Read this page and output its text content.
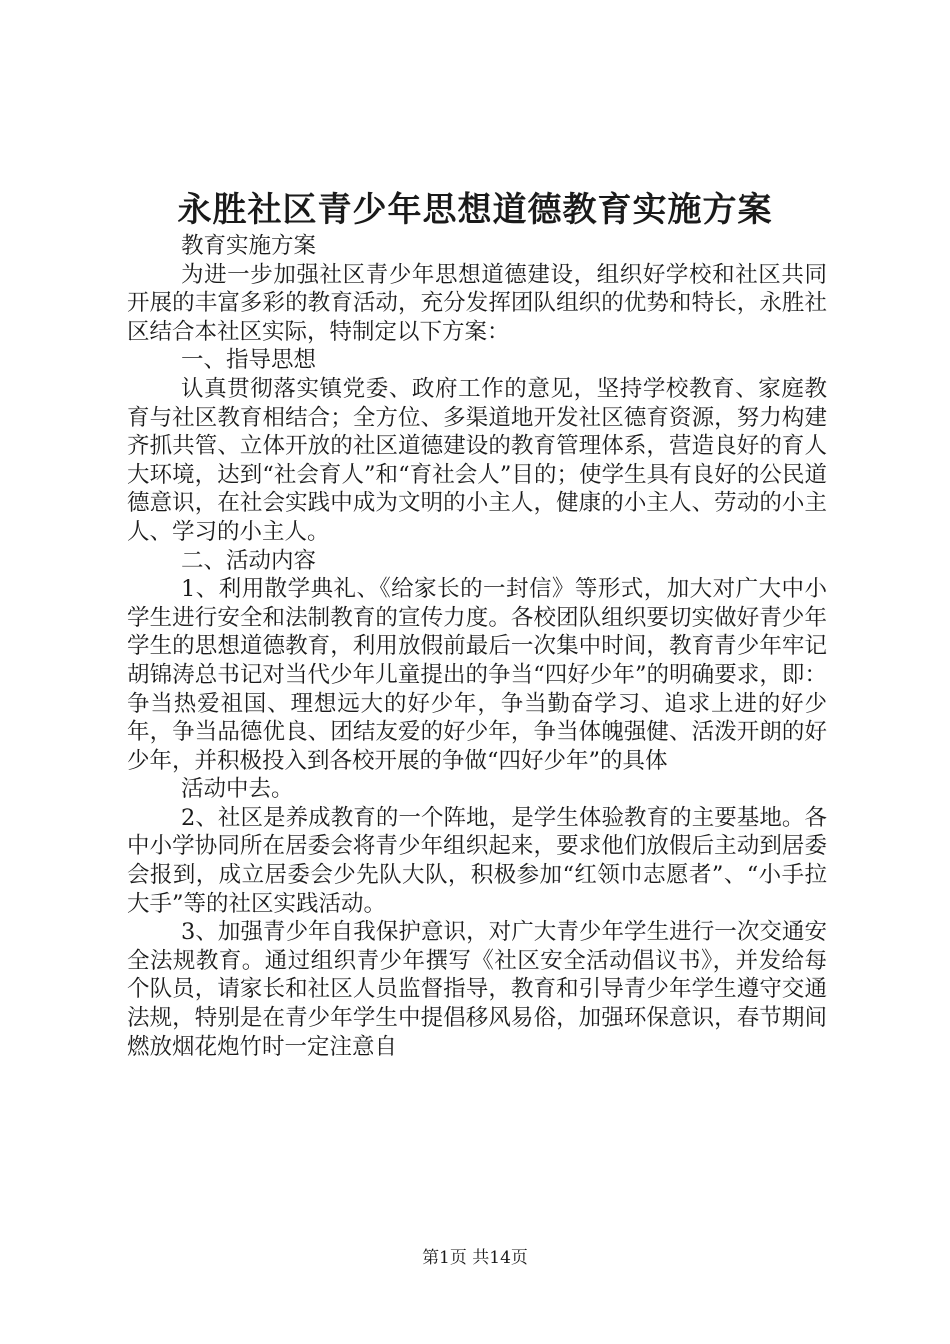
永胜社区青少年思想道德教育实施方案

教育实施方案

为进一步加强社区青少年思想道德建设，组织好学校和社区共同开展的丰富多彩的教育活动，充分发挥团队组织的优势和特长，永胜社区结合本社区实际，特制定以下方案：

一、指导思想

认真贯彻落实镇党委、政府工作的意见，坚持学校教育、家庭教育与社区教育相结合；全方位、多渠道地开发社区德育资源，努力构建齐抓共管、立体开放的社区道德建设的教育管理体系，营造良好的育人大环境，达到“社会育人”和“育社会人”目的；使学生具有良好的公民道德意识，在社会实践中成为文明的小主人，健康的小主人、劳动的小主人、学习的小主人。

二、活动内容

1、利用散学典礼、《给家长的一封信》等形式，加大对广大中小学生进行安全和法制教育的宣传力度。各校团队组织要切实做好青少年学生的思想道德教育，利用放假前最后一次集中时间，教育青少年牢记胡锦涛总书记对当代少年儿童提出的争当“四好少年”的明确要求，即：争当热爱祖国、理想远大的好少年，争当勤奋学习、追求上进的好少年，争当品德优良、团结友爱的好少年，争当体魄强健、活泼开朗的好少年，并积极投入到各校开展的争做“四好少年”的具体

活动中去。

2、社区是养成教育的一个阵地，是学生体验教育的主要基地。各中小学协同所在居委会将青少年组织起来，要求他们放假后主动到居委会报到，成立居委会少先队大队，积极参加“红领巾志愿者”、“小手拉大手”等的社区实践活动。

3、加强青少年自我保护意识，对广大青少年学生进行一次交通安全法规教育。通过组织青少年撰写《社区安全活动倡议书》，并发给每个队员，请家长和社区人员监督指导，教育和引导青少年学生遵守交通法规，特别是在青少年学生中提倡移风易俗，加强环保意识，春节期间燃放烟花炮竹时一定注意自

第1页 共14页
